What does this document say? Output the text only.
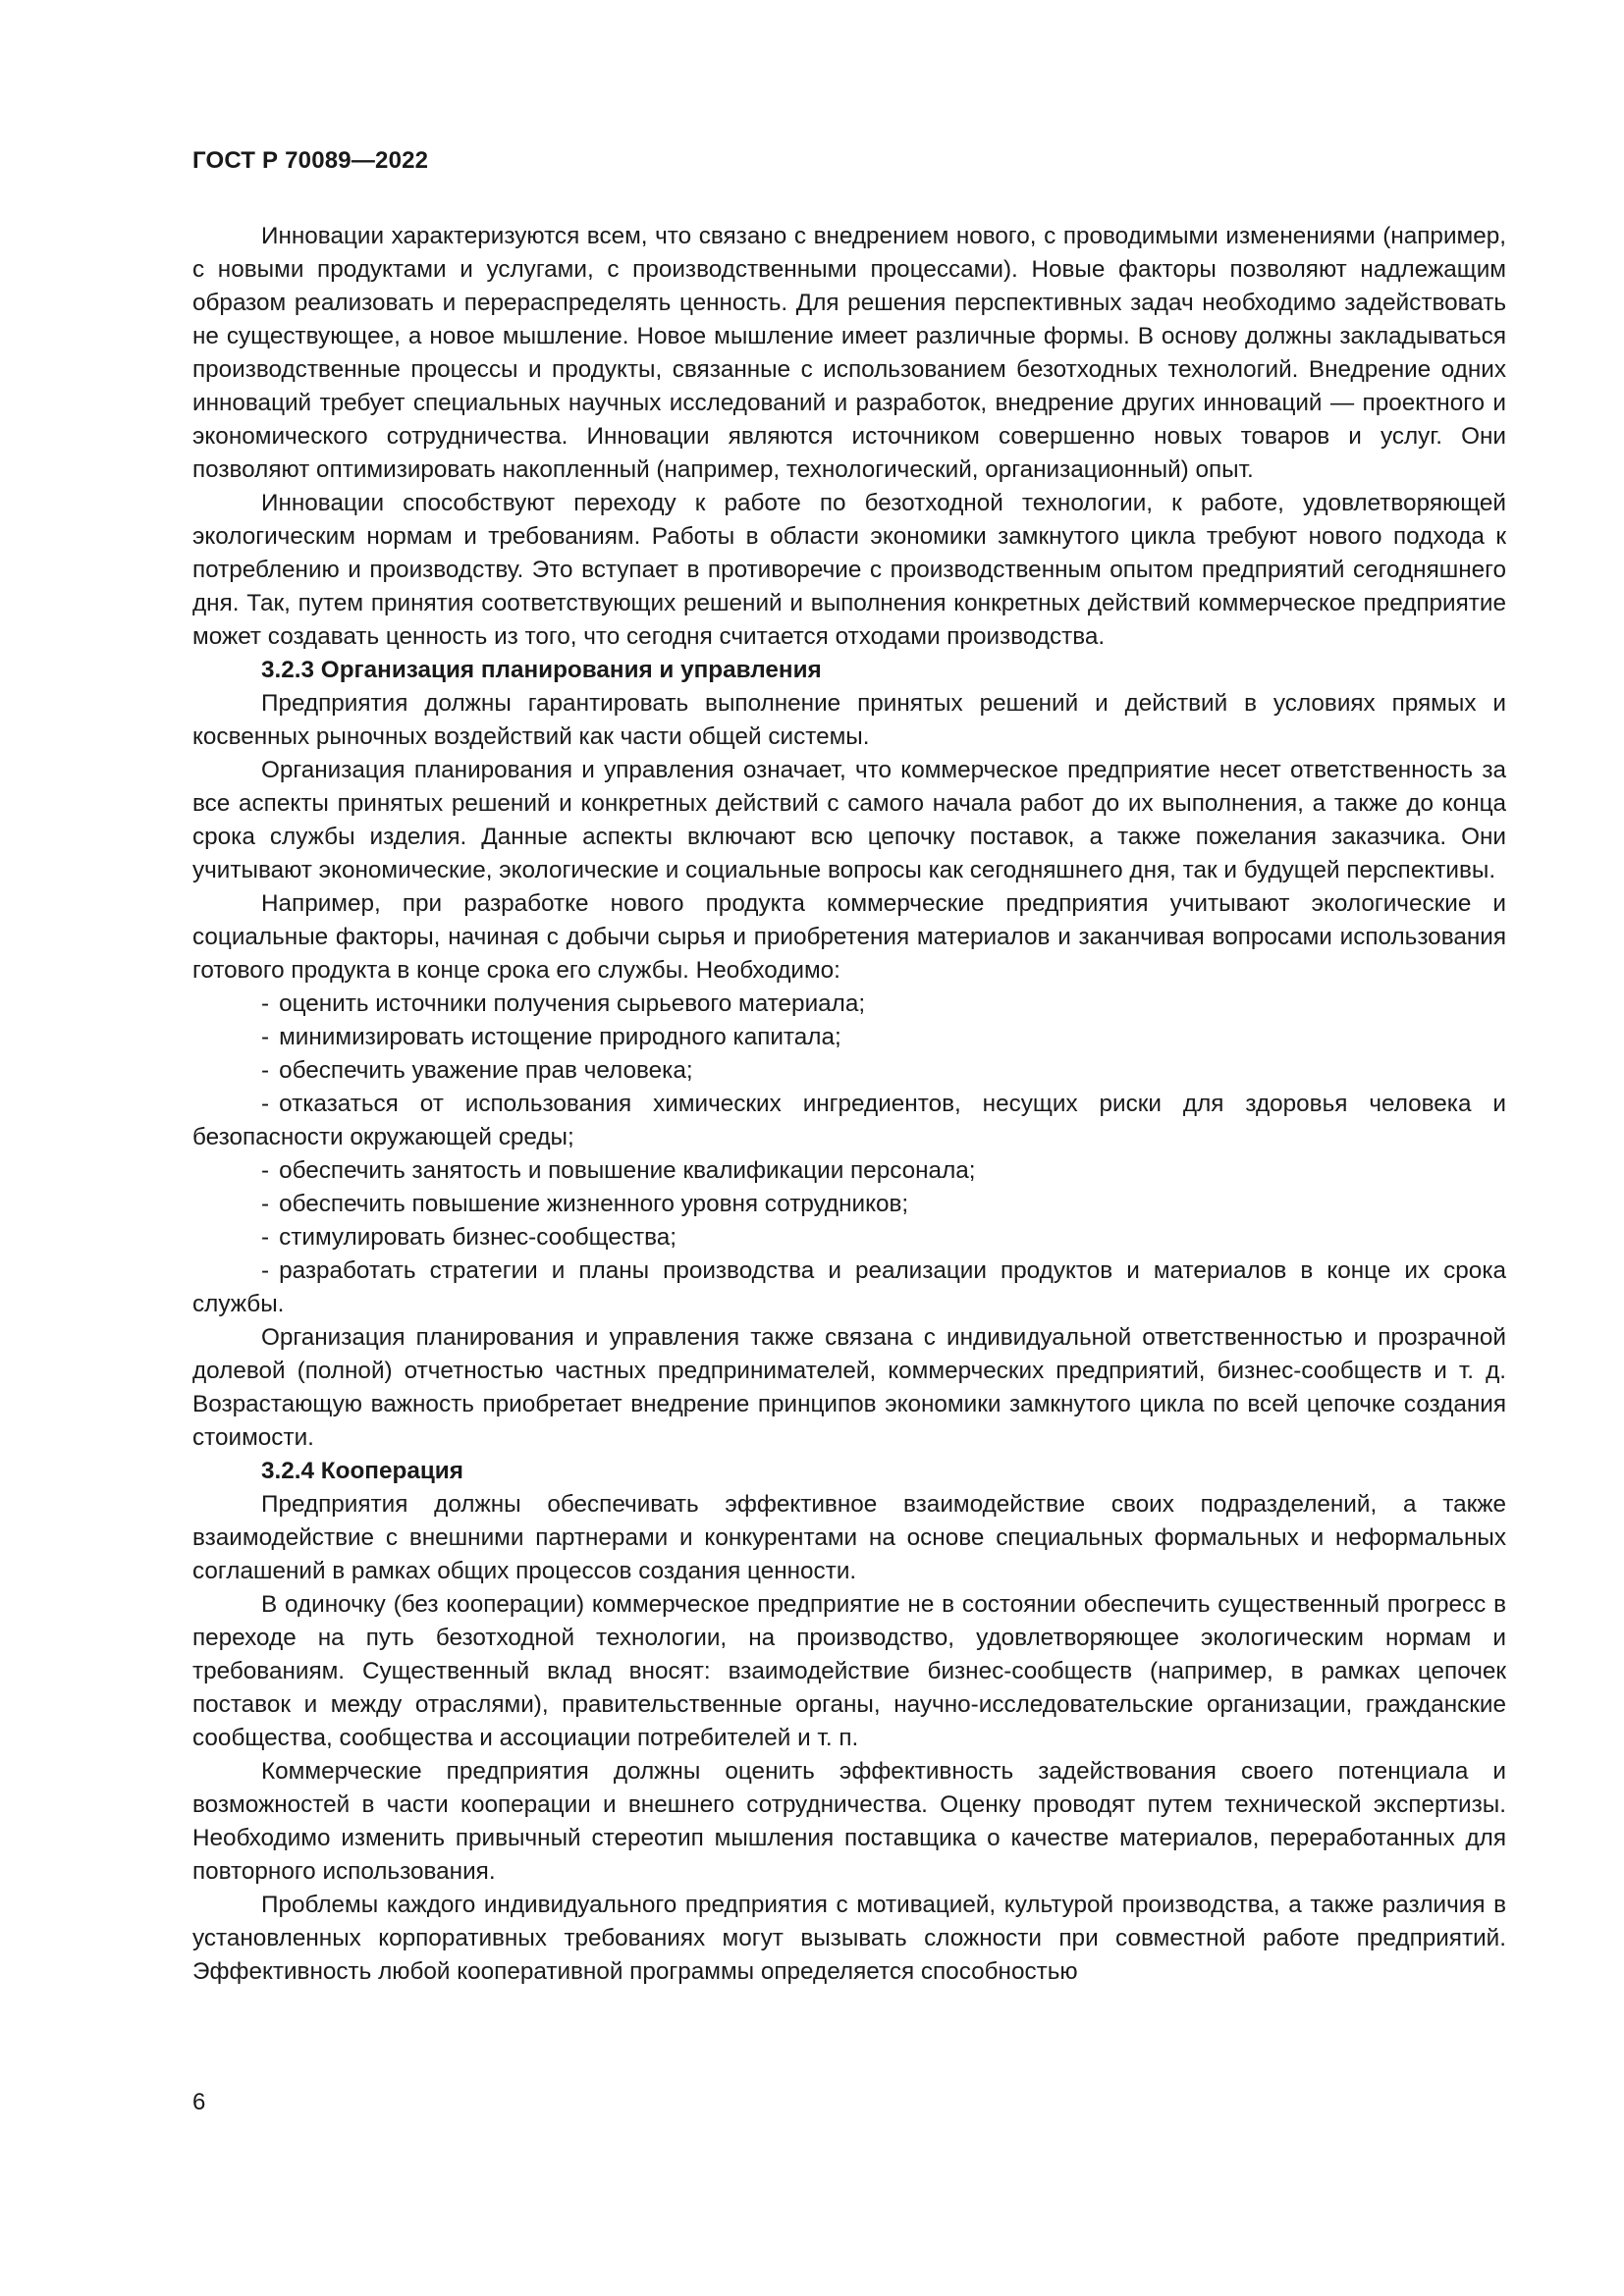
ГОСТ Р 70089—2022

Инновации характеризуются всем, что связано с внедрением нового, с проводимыми изменениями (например, с новыми продуктами и услугами, с производственными процессами). Новые факторы позволяют надлежащим образом реализовать и перераспределять ценность. Для решения перспективных задач необходимо задействовать не существующее, а новое мышление. Новое мышление имеет различные формы. В основу должны закладываться производственные процессы и продукты, связанные с использованием безотходных технологий. Внедрение одних инноваций требует специальных научных исследований и разработок, внедрение других инноваций — проектного и экономического сотрудничества. Инновации являются источником совершенно новых товаров и услуг. Они позволяют оптимизировать накопленный (например, технологический, организационный) опыт.

Инновации способствуют переходу к работе по безотходной технологии, к работе, удовлетворяющей экологическим нормам и требованиям. Работы в области экономики замкнутого цикла требуют нового подхода к потреблению и производству. Это вступает в противоречие с производственным опытом предприятий сегодняшнего дня. Так, путем принятия соответствующих решений и выполнения конкретных действий коммерческое предприятие может создавать ценность из того, что сегодня считается отходами производства.

3.2.3 Организация планирования и управления

Предприятия должны гарантировать выполнение принятых решений и действий в условиях прямых и косвенных рыночных воздействий как части общей системы.

Организация планирования и управления означает, что коммерческое предприятие несет ответственность за все аспекты принятых решений и конкретных действий с самого начала работ до их выполнения, а также до конца срока службы изделия. Данные аспекты включают всю цепочку поставок, а также пожелания заказчика. Они учитывают экономические, экологические и социальные вопросы как сегодняшнего дня, так и будущей перспективы.

Например, при разработке нового продукта коммерческие предприятия учитывают экологические и социальные факторы, начиная с добычи сырья и приобретения материалов и заканчивая вопросами использования готового продукта в конце срока его службы. Необходимо:

- оценить источники получения сырьевого материала;
- минимизировать истощение природного капитала;
- обеспечить уважение прав человека;
- отказаться от использования химических ингредиентов, несущих риски для здоровья человека и безопасности окружающей среды;
- обеспечить занятость и повышение квалификации персонала;
- обеспечить повышение жизненного уровня сотрудников;
- стимулировать бизнес-сообщества;
- разработать стратегии и планы производства и реализации продуктов и материалов в конце их срока службы.

Организация планирования и управления также связана с индивидуальной ответственностью и прозрачной долевой (полной) отчетностью частных предпринимателей, коммерческих предприятий, бизнес-сообществ и т. д. Возрастающую важность приобретает внедрение принципов экономики замкнутого цикла по всей цепочке создания стоимости.

3.2.4 Кооперация

Предприятия должны обеспечивать эффективное взаимодействие своих подразделений, а также взаимодействие с внешними партнерами и конкурентами на основе специальных формальных и неформальных соглашений в рамках общих процессов создания ценности.

В одиночку (без кооперации) коммерческое предприятие не в состоянии обеспечить существенный прогресс в переходе на путь безотходной технологии, на производство, удовлетворяющее экологическим нормам и требованиям. Существенный вклад вносят: взаимодействие бизнес-сообществ (например, в рамках цепочек поставок и между отраслями), правительственные органы, научно-исследовательские организации, гражданские сообщества, сообщества и ассоциации потребителей и т. п.

Коммерческие предприятия должны оценить эффективность задействования своего потенциала и возможностей в части кооперации и внешнего сотрудничества. Оценку проводят путем технической экспертизы. Необходимо изменить привычный стереотип мышления поставщика о качестве материалов, переработанных для повторного использования.

Проблемы каждого индивидуального предприятия с мотивацией, культурой производства, а также различия в установленных корпоративных требованиях могут вызывать сложности при совместной работе предприятий. Эффективность любой кооперативной программы определяется способностью

6
